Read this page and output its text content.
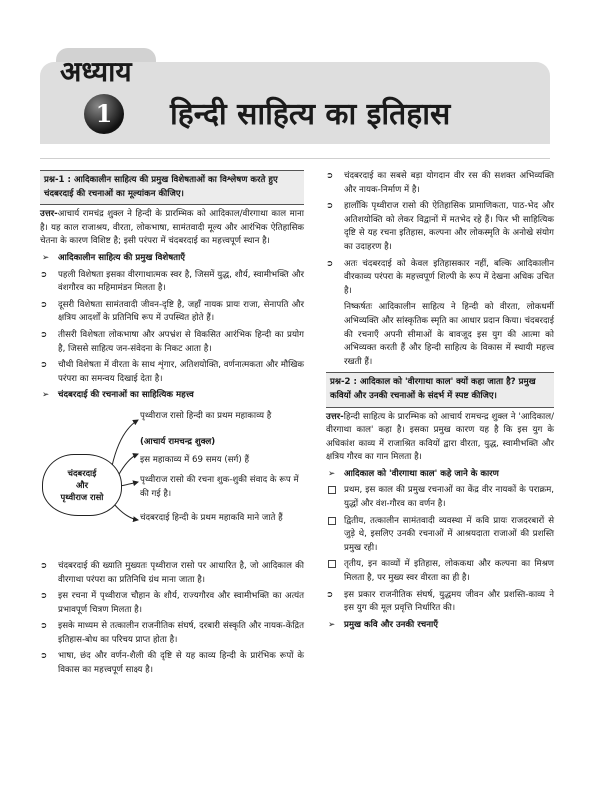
अध्याय
1	हिन्दी साहित्य का इतिहास
प्रश्न-1 : आदिकालीन साहित्य की प्रमुख विशेषताओं का विश्लेषण करते हुए चंदबरदाई की रचनाओं का मूल्यांकन कीजिए।

उत्तर-आचार्य रामचंद्र शुक्ल ने हिन्दी के प्रारम्भिक को आदिकाल/वीरगाथा काल माना है। यह काल राजाश्रय, वीरता, लोकभाषा, सामंतवादी मूल्य और आरंभिक ऐतिहासिक चेतना के कारण विशिष्ट है; इसी परंपरा में चंदबरदाई का महत्त्वपूर्ण स्थान है।

➢ आदिकालीन साहित्य की प्रमुख विशेषताएँ
➲ पहली विशेषता इसका वीरगाथात्मक स्वर है, जिसमें युद्ध, शौर्य, स्वामीभक्ति और वंशगौरव का महिमामंडन मिलता है।
➲ दूसरी विशेषता सामंतवादी जीवन-दृष्टि है, जहाँ नायक प्रायः राजा, सेनापति और क्षत्रिय आदर्शों के प्रतिनिधि रूप में उपस्थित होते हैं।
➲ तीसरी विशेषता लोकभाषा और अपभ्रंश से विकसित आरंभिक हिन्दी का प्रयोग है, जिससे साहित्य जन-संवेदना के निकट आता है।
➲ चौथी विशेषता में वीरता के साथ शृंगार, अतिशयोक्ति, वर्णनात्मकता और मौखिक परंपरा का समन्वय दिखाई देता है।
➢ चंदबरदाई की रचनाओं का साहित्यिक महत्त्व
चंदबरदाई
और
पृथ्वीराज रासो
पृथ्वीराज रासो हिन्दी का प्रथम महाकाव्य है
(आचार्य रामचन्द्र शुक्ल)
इस महाकाव्य में 69 समय (सर्ग) हैं
पृथ्वीराज रासो की रचना शुक-शुकी संवाद के रूप में की गई है।
चंदबरदाई हिन्दी के प्रथम महाकवि माने जाते हैं
➲ चंदबरदाई की ख्याति मुख्यतः पृथ्वीराज रासो पर आधारित है, जो आदिकाल की वीरगाथा परंपरा का प्रतिनिधि ग्रंथ माना जाता है।
➲ इस रचना में पृथ्वीराज चौहान के शौर्य, राज्यगौरव और स्वामीभक्ति का अत्यंत प्रभावपूर्ण चित्रण मिलता है।
➲ इसके माध्यम से तत्कालीन राजनीतिक संघर्ष, दरबारी संस्कृति और नायक-केंद्रित इतिहास-बोध का परिचय प्राप्त होता है।
➲ भाषा, छंद और वर्णन-शैली की दृष्टि से यह काव्य हिन्दी के प्रारंभिक रूपों के विकास का महत्त्वपूर्ण साक्ष्य है।
➲ चंदबरदाई का सबसे बड़ा योगदान वीर रस की सशक्त अभिव्यक्ति और नायक-निर्माण में है।
➲ हालाँकि पृथ्वीराज रासो की ऐतिहासिक प्रामाणिकता, पाठ-भेद और अतिशयोक्ति को लेकर विद्वानों में मतभेद रहे हैं। फिर भी साहित्यिक दृष्टि से यह रचना इतिहास, कल्पना और लोकस्मृति के अनोखे संयोग का उदाहरण है।
➲ अतः चंदबरदाई को केवल इतिहासकार नहीं, बल्कि आदिकालीन वीरकाव्य परंपरा के महत्त्वपूर्ण शिल्पी के रूप में देखना अधिक उचित है।

निष्कर्षतः आदिकालीन साहित्य ने हिन्दी को वीरता, लोकधर्मी अभिव्यक्ति और सांस्कृतिक स्मृति का आधार प्रदान किया। चंदबरदाई की रचनाएँ अपनी सीमाओं के बावजूद इस युग की आत्मा को अभिव्यक्त करती हैं और हिन्दी साहित्य के विकास में स्थायी महत्त्व रखती हैं।

प्रश्न-2 : आदिकाल को 'वीरगाथा काल' क्यों कहा जाता है? प्रमुख कवियों और उनकी रचनाओं के संदर्भ में स्पष्ट कीजिए।

उत्तर-हिन्दी साहित्य के प्रारम्भिक को आचार्य रामचन्द्र शुक्ल ने 'आदिकाल/वीरगाथा काल' कहा है। इसका प्रमुख कारण यह है कि इस युग के अधिकांश काव्य में राजाश्रित कवियों द्वारा वीरता, युद्ध, स्वामीभक्ति और क्षत्रिय गौरव का गान मिलता है।

➢ आदिकाल को 'वीरगाथा काल' कहे जाने के कारण
प्रथम, इस काल की प्रमुख रचनाओं का केंद्र वीर नायकों के पराक्रम, युद्धों और वंश-गौरव का वर्णन है।
द्वितीय, तत्कालीन सामंतवादी व्यवस्था में कवि प्रायः राजदरबारों से जुड़े थे, इसलिए उनकी रचनाओं में आश्रयदाता राजाओं की प्रशस्ति प्रमुख रही।
तृतीय, इन काव्यों में इतिहास, लोककथा और कल्पना का मिश्रण मिलता है, पर मुख्य स्वर वीरता का ही है।
➲ इस प्रकार राजनीतिक संघर्ष, युद्धमय जीवन और प्रशस्ति-काव्य ने इस युग की मूल प्रवृत्ति निर्धारित की।
➢ प्रमुख कवि और उनकी रचनाएँ
